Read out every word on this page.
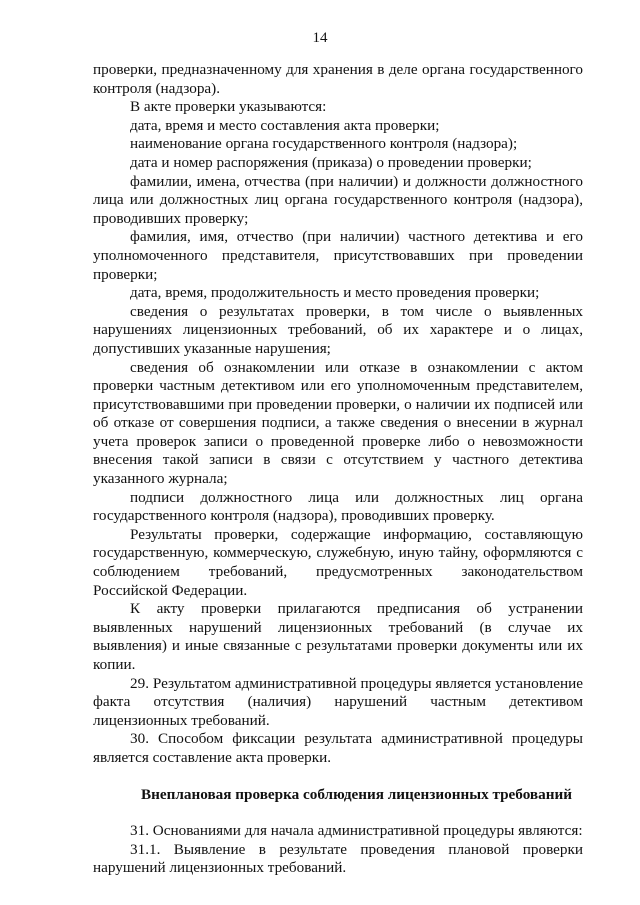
14

проверки, предназначенному для хранения в деле органа государственного контроля (надзора).

В акте проверки указываются:

дата, время и место составления акта проверки;

наименование органа государственного контроля (надзора);

дата и номер распоряжения (приказа) о проведении проверки;

фамилии, имена, отчества (при наличии) и должности должностного лица или должностных лиц органа государственного контроля (надзора), проводивших проверку;

фамилия, имя, отчество (при наличии) частного детектива и его уполномоченного представителя, присутствовавших при проведении проверки;

дата, время, продолжительность и место проведения проверки;

сведения о результатах проверки, в том числе о выявленных нарушениях лицензионных требований, об их характере и о лицах, допустивших указанные нарушения;

сведения об ознакомлении или отказе в ознакомлении с актом проверки частным детективом или его уполномоченным представителем, присутствовавшими при проведении проверки, о наличии их подписей или об отказе от совершения подписи, а также сведения о внесении в журнал учета проверок записи о проведенной проверке либо о невозможности внесения такой записи в связи с отсутствием у частного детектива указанного журнала;

подписи должностного лица или должностных лиц органа государственного контроля (надзора), проводивших проверку.

Результаты проверки, содержащие информацию, составляющую государственную, коммерческую, служебную, иную тайну, оформляются с соблюдением требований, предусмотренных законодательством Российской Федерации.

К акту проверки прилагаются предписания об устранении выявленных нарушений лицензионных требований (в случае их выявления) и иные связанные с результатами проверки документы или их копии.

29. Результатом административной процедуры является установление факта отсутствия (наличия) нарушений частным детективом лицензионных требований.

30. Способом фиксации результата административной процедуры является составление акта проверки.

Внеплановая проверка соблюдения лицензионных требований

31. Основаниями для начала административной процедуры являются:

31.1. Выявление в результате проведения плановой проверки нарушений лицензионных требований.
